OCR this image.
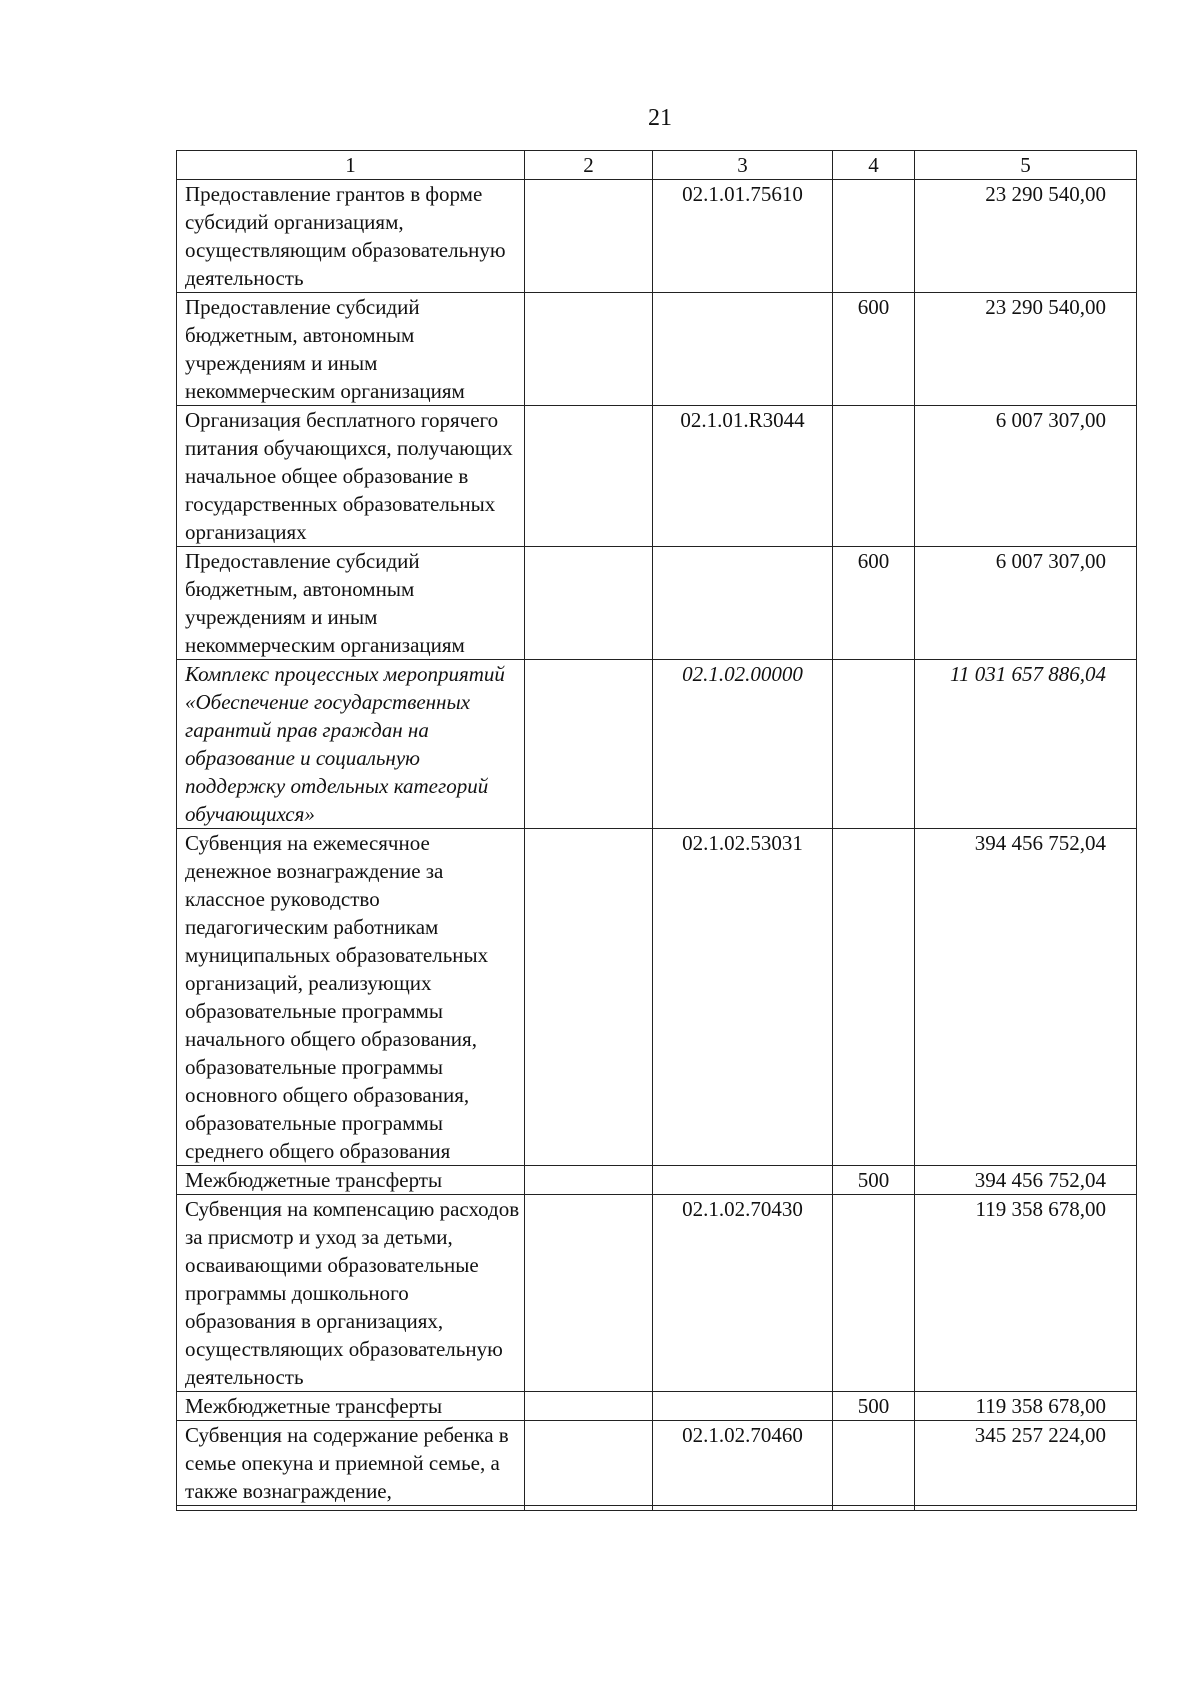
21
1	2	3	4	5
Предоставление грантов в форме субсидий организациям, осуществляющим образовательную деятельность		02.1.01.75610		23 290 540,00
Предоставление субсидий бюджетным, автономным учреждениям и иным некоммерческим организациям			600	23 290 540,00
Организация бесплатного горячего питания обучающихся, получающих начальное общее образование в государственных образовательных организациях		02.1.01.R3044		6 007 307,00
Предоставление субсидий бюджетным, автономным учреждениям и иным некоммерческим организациям			600	6 007 307,00
Комплекс процессных мероприятий «Обеспечение государственных гарантий прав граждан на образование и социальную поддержку отдельных категорий обучающихся»		02.1.02.00000		11 031 657 886,04
Субвенция на ежемесячное денежное вознаграждение за классное руководство педагогическим работникам муниципальных образовательных организаций, реализующих образовательные программы начального общего образования, образовательные программы основного общего образования, образовательные программы среднего общего образования		02.1.02.53031		394 456 752,04
Межбюджетные трансферты			500	394 456 752,04
Субвенция на компенсацию расходов за присмотр и уход за детьми, осваивающими образовательные программы дошкольного образования в организациях, осуществляющих образовательную деятельность		02.1.02.70430		119 358 678,00
Межбюджетные трансферты			500	119 358 678,00
Субвенция на содержание ребенка в семье опекуна и приемной семье, а также вознаграждение,		02.1.02.70460		345 257 224,00
